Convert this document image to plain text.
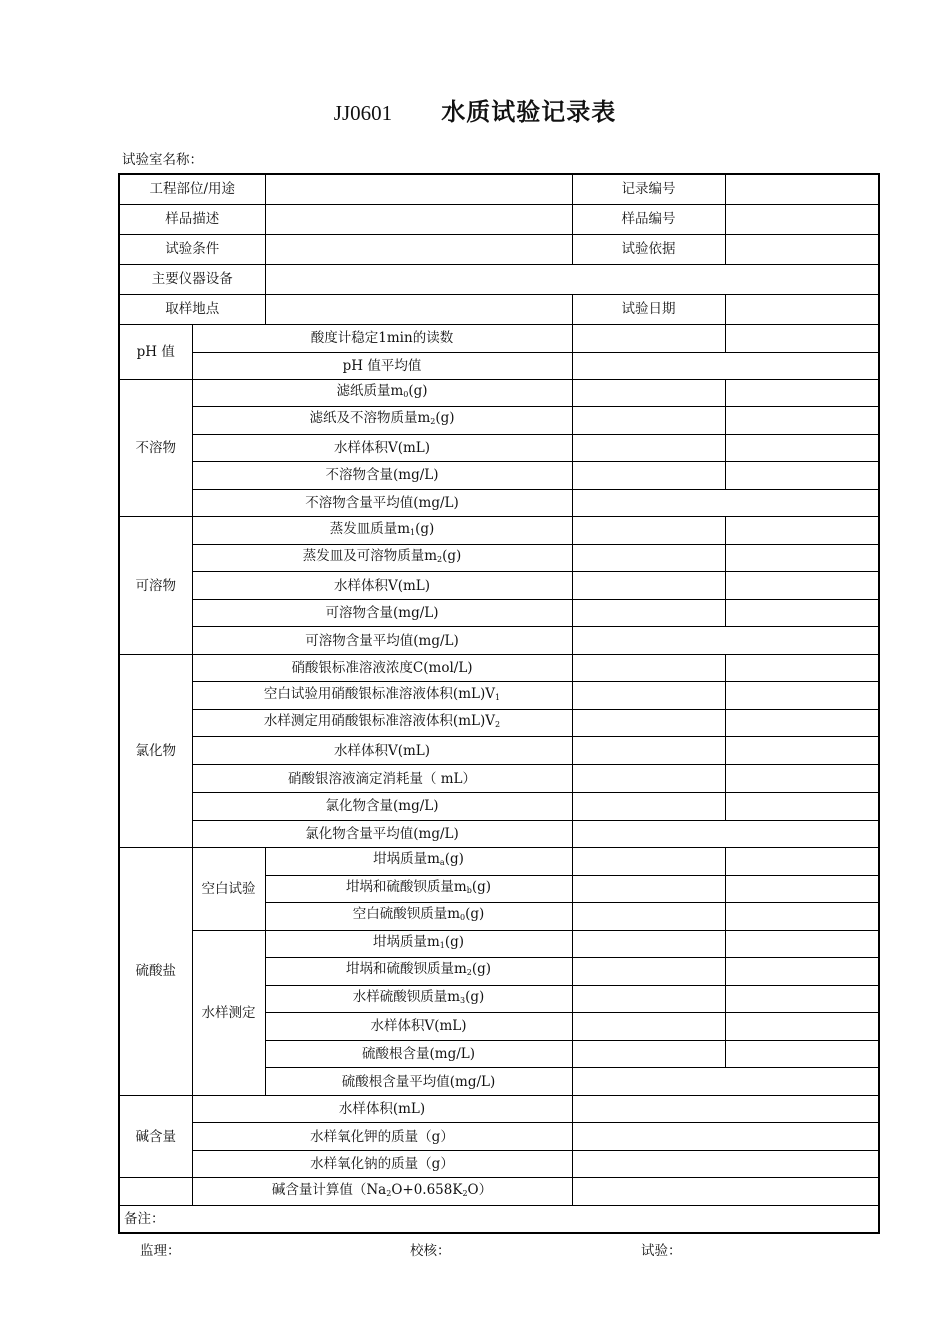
JJ0601 水质试验记录表
试验室名称：
工程部位/用途			记录编号	
样品描述			样品编号	
试验条件			试验依据	
主要仪器设备				
取样地点			试验日期	
pH 值	酸度计稳定1min的读数			
	pH 值平均值			
不溶物	滤纸质量$m_0(g)$			
	滤纸及不溶物质量$m_2(g)$			
	水样体积V(mL)			
	不溶物含量(mg/L)			
	不溶物含量平均值(mg/L)			
可溶物	蒸发皿质量$m_1(g)$			
	蒸发皿及可溶物质量$m_2(g)$			
	水样体积V(mL)			
	可溶物含量(mg/L)			
	可溶物含量平均值(mg/L)			
氯化物	硝酸银标准溶液浓度C(mol/L)			
	空白试验用硝酸银标准溶液体积$(mL)V_1$		
	水样测定用硝酸银标准溶液体积$(mL)V_2$		
	水样体积V(mL)			
	硝酸银溶液滴定消耗量（ mL）			
	氯化物含量(mg/L)			
	氯化物含量平均值(mg/L)			
硫酸盐	空白试验	坩埚质量$m_a(g)$		
		坩埚和硫酸钡质量$m_b(g)$		
		空白硫酸钡质量$m_0(g)$		
	水样测定	坩埚质量$m_1(g)$		
		坩埚和硫酸钡质量$m_2(g)$		
		水样硫酸钡质量$m_3(g)$		
		水样体积V(mL)		
		硫酸根含量(mg/L)		
		硫酸根含量平均值(mg/L)		
碱含量	水样体积(mL)			
	水样氧化钾的质量（g）			
	水样氧化钠的质量（g）			
	碱含量计算值$(Na_2O+0.658K_2O)$			
备注：				
监理：	校核：	试验：
